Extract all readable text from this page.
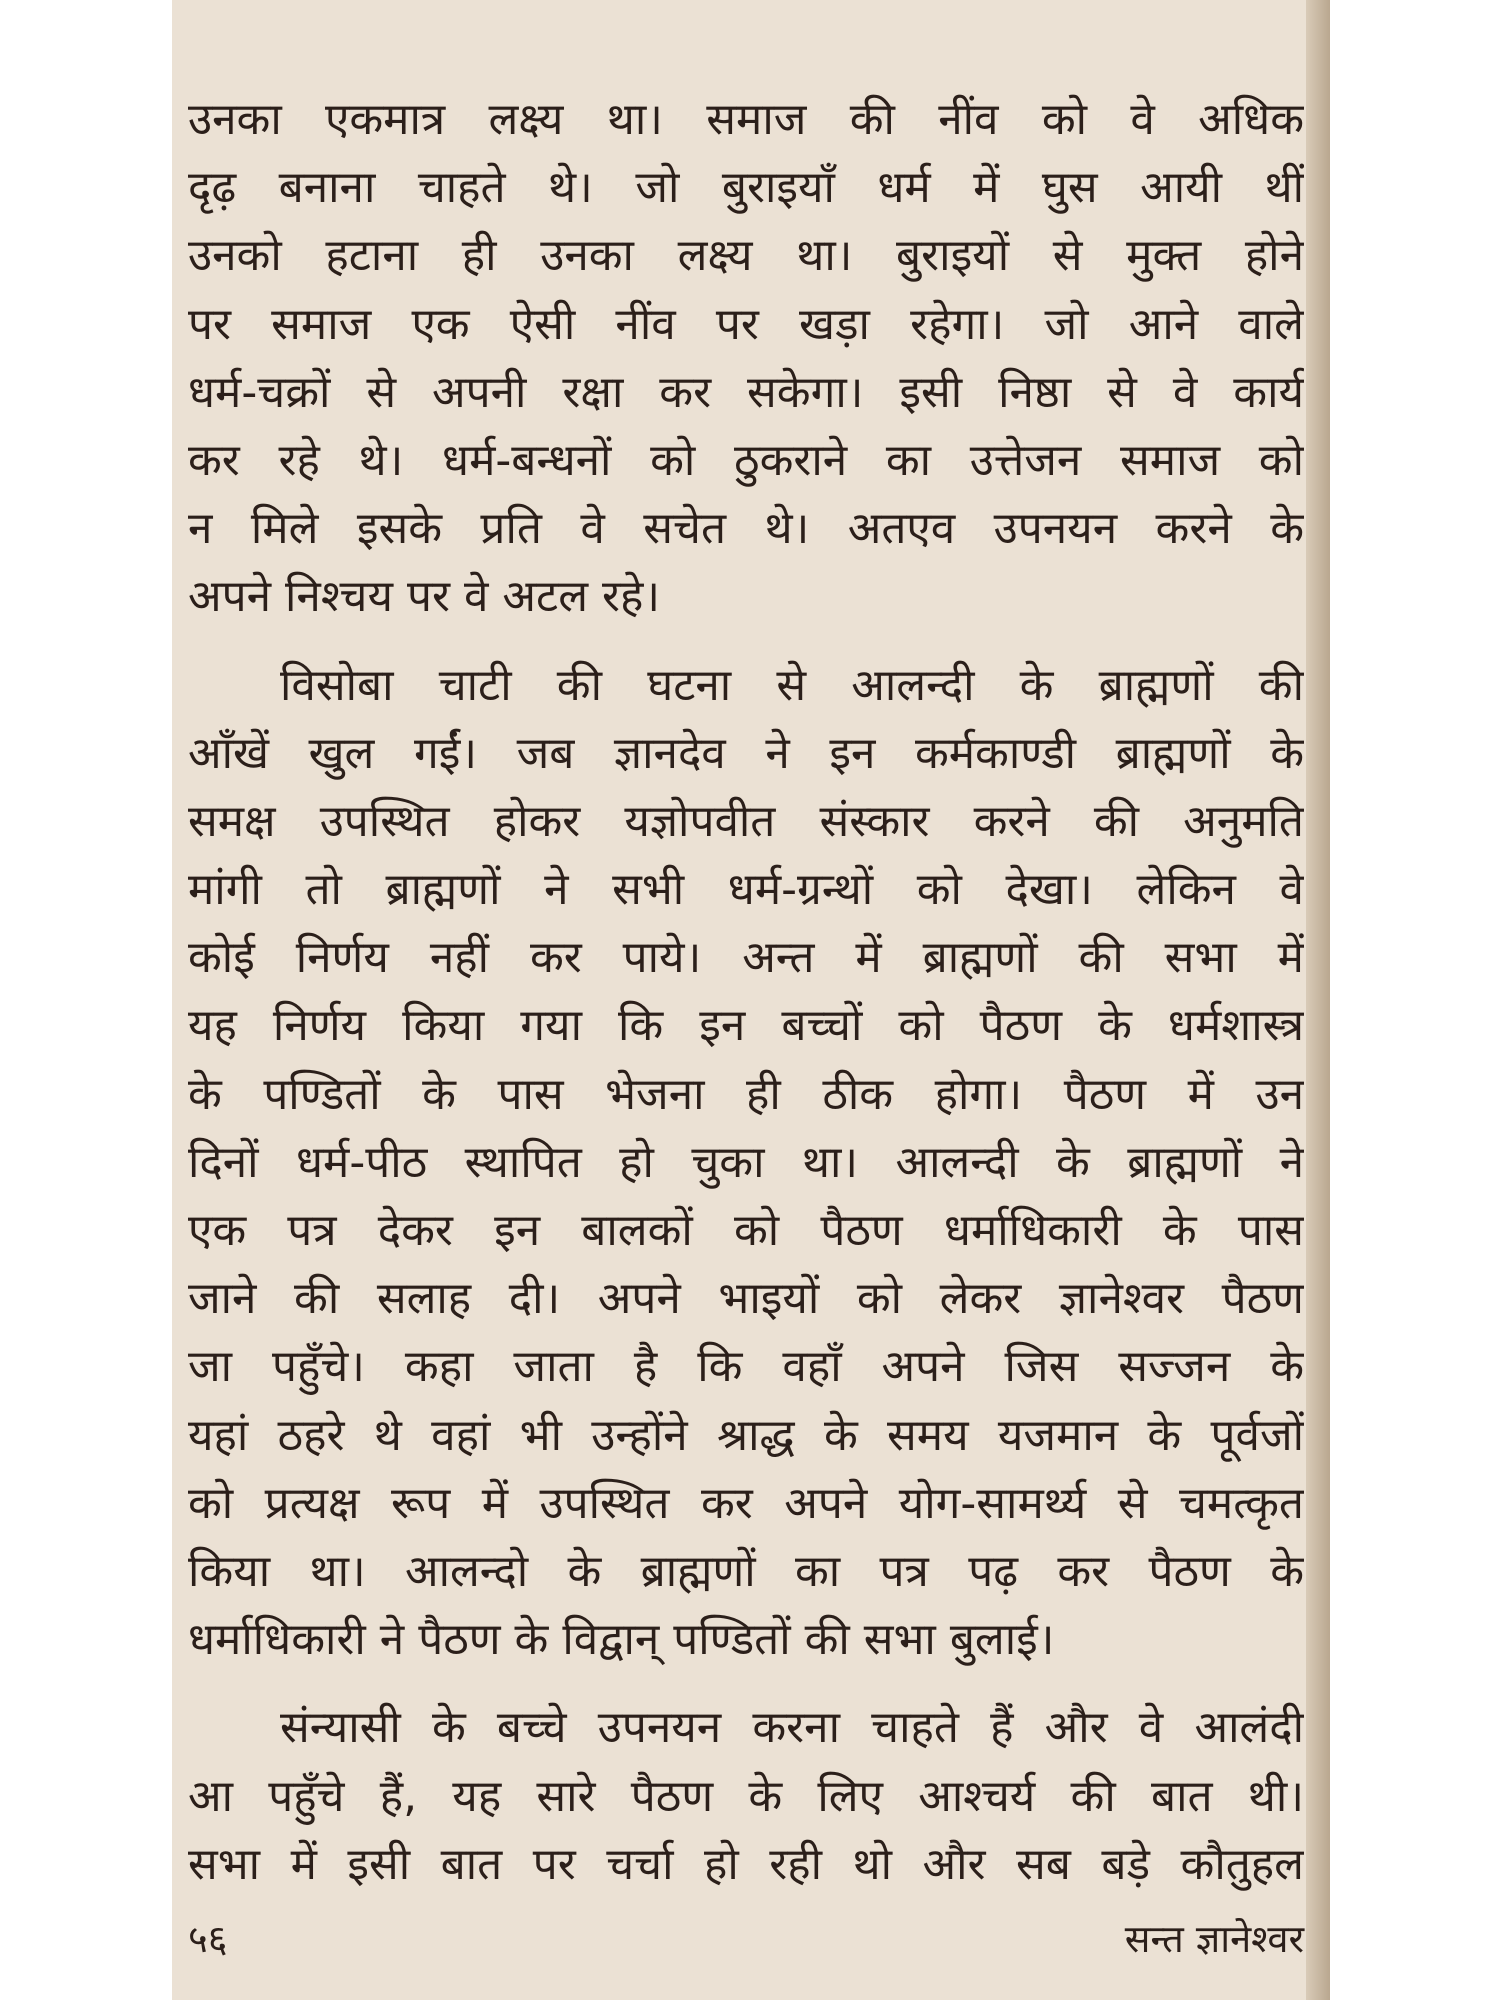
उनका एकमात्र लक्ष्य था। समाज की नींव को वे अधिक
दृढ़ बनाना चाहते थे। जो बुराइयाँ धर्म में घुस आयी थीं
उनको हटाना ही उनका लक्ष्य था। बुराइयों से मुक्त होने
पर समाज एक ऐसी नींव पर खड़ा रहेगा। जो आने वाले
धर्म-चक्रों से अपनी रक्षा कर सकेगा। इसी निष्ठा से वे कार्य
कर रहे थे। धर्म-बन्धनों को ठुकराने का उत्तेजन समाज को
न मिले इसके प्रति वे सचेत थे। अतएव उपनयन करने के
अपने निश्चय पर वे अटल रहे।
विसोबा चाटी की घटना से आलन्दी के ब्राह्मणों की
आँखें खुल गईं। जब ज्ञानदेव ने इन कर्मकाण्डी ब्राह्मणों के
समक्ष उपस्थित होकर यज्ञोपवीत संस्कार करने की अनुमति
मांगी तो ब्राह्मणों ने सभी धर्म-ग्रन्थों को देखा। लेकिन वे
कोई निर्णय नहीं कर पाये। अन्त में ब्राह्मणों की सभा में
यह निर्णय किया गया कि इन बच्चों को पैठण के धर्मशास्त्र
के पण्डितों के पास भेजना ही ठीक होगा। पैठण में उन
दिनों धर्म-पीठ स्थापित हो चुका था। आलन्दी के ब्राह्मणों ने
एक पत्र देकर इन बालकों को पैठण धर्माधिकारी के पास
जाने की सलाह दी। अपने भाइयों को लेकर ज्ञानेश्वर पैठण
जा पहुँचे। कहा जाता है कि वहाँ अपने जिस सज्जन के
यहां ठहरे थे वहां भी उन्होंने श्राद्ध के समय यजमान के पूर्वजों
को प्रत्यक्ष रूप में उपस्थित कर अपने योग-सामर्थ्य से चमत्कृत
किया था। आलन्दो के ब्राह्मणों का पत्र पढ़ कर पैठण के
धर्माधिकारी ने पैठण के विद्वान् पण्डितों की सभा बुलाई।
संन्यासी के बच्चे उपनयन करना चाहते हैं और वे आलंदी
आ पहुँचे हैं, यह सारे पैठण के लिए आश्चर्य की बात थी।
सभा में इसी बात पर चर्चा हो रही थो और सब बड़े कौतुहल
५६	सन्त ज्ञानेश्वर
